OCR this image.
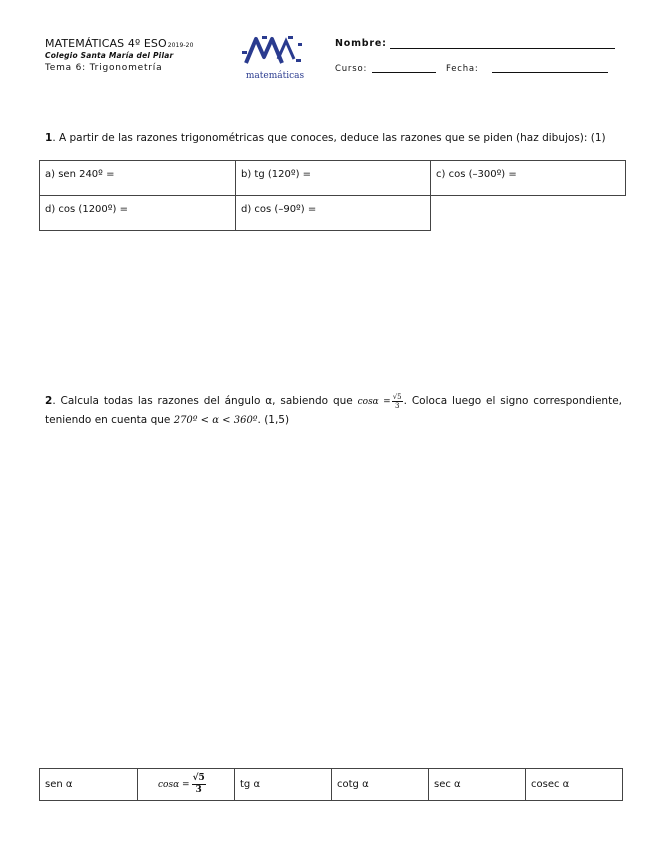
MATEMÁTICAS 4º ESO2019-20
Colegio Santa María del Pilar
Tema 6: Trigonometría
matemáticas
Nombre:
Curso:	Fecha:
1. A partir de las razones trigonométricas que conoces, deduce las razones que se piden (haz dibujos): (1)
a) sen 240º =	b) tg (120º) =	c) cos (–300º) =
d) cos (1200º) =	d) cos (–90º) =
2. Calcula todas las razones del ángulo α, sabiendo que $\cos\alpha = \frac{√5}{3}$ . Coloca luego el signo correspondiente, teniendo en cuenta que 270º < α < 360º. (1,5)
sen α	$\cos\alpha = \frac{√5}{3}$	tg α	cotg α	sec α	cosec α
